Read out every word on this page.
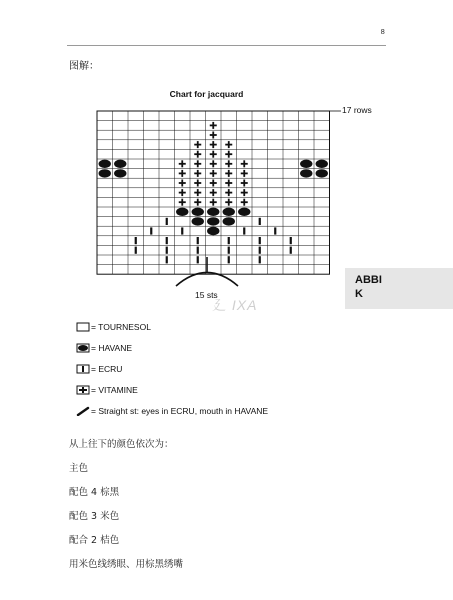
8
图解：
Chart for jacquard
17 rows
15 sts
⼵ IXA
ABBI
K
= TOURNESOL
= HAVANE
= ECRU
= VITAMINE
= Straight st: eyes in ECRU, mouth in HAVANE
从上往下的颜色依次为：
主色
配色 4 棕黑
配色 3 米色
配合 2 桔色
用米色线绣眼、用棕黑绣嘴
